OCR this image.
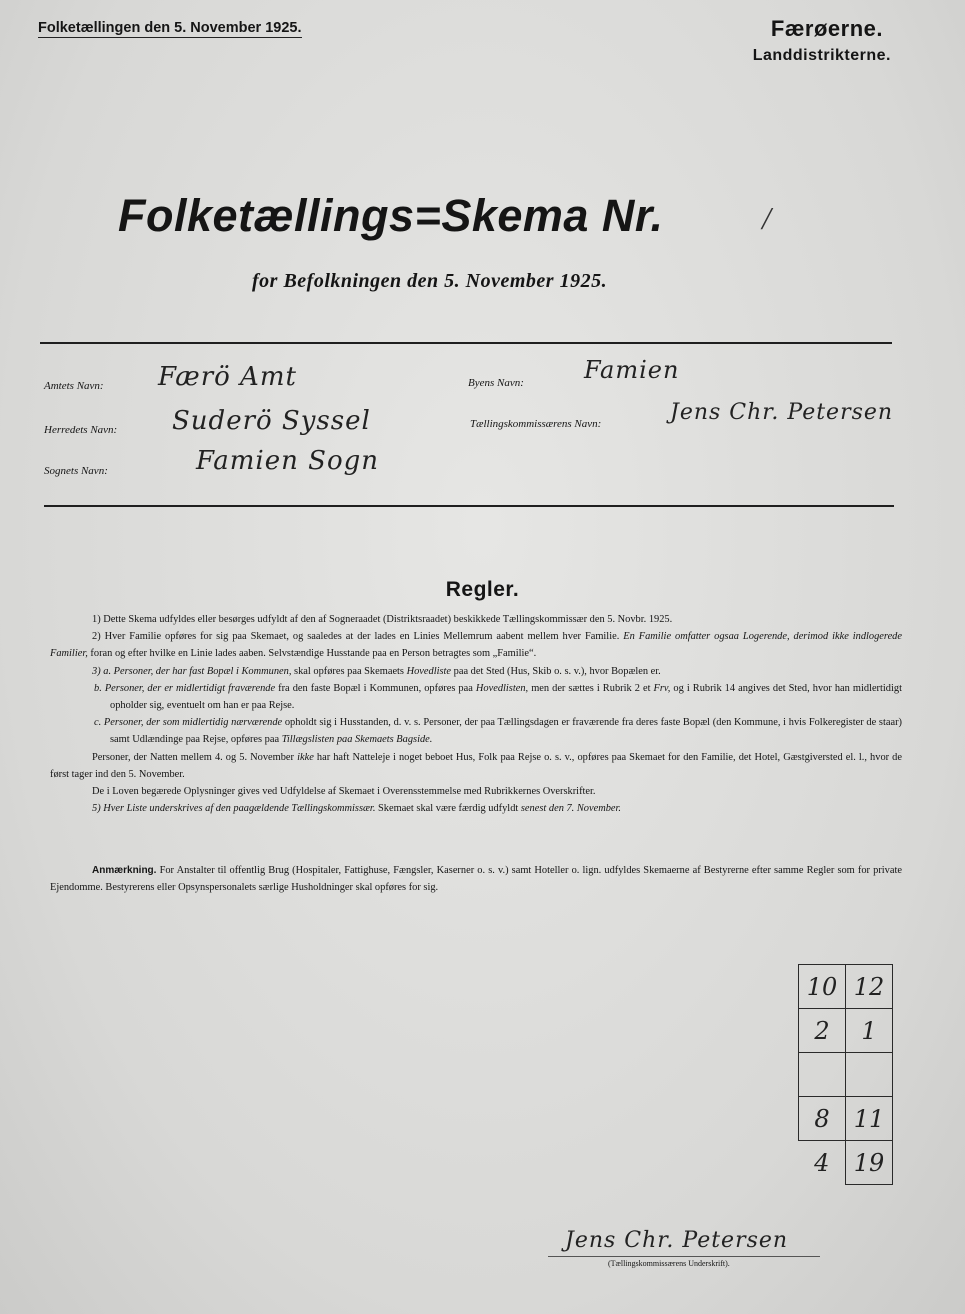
Folketællingen den 5. November 1925.	Færøerne.
Landdistrikterne.
Folketællings=Skema Nr.	/
for Befolkningen den 5. November 1925.
Amtets Navn: Færö Amt
Herredets Navn: Suderö Syssel
Sognets Navn:	Famien Sogn
Byens Navn:	Famien
Tællingskommissærens Navn:	Jens Chr. Petersen
Regler.

1) Dette Skema udfyldes eller besørges udfyldt af den af Sogneraadet (Distriktsraadet) beskikkede Tællingskommissær den 5. Novbr. 1925.

2) Hver Familie opføres for sig paa Skemaet, og saaledes at der lades en Linies Mellemrum aabent mellem hver Familie. En Familie omfatter ogsaa Logerende, derimod ikke indlogerede Familier, foran og efter hvilke en Linie lades aaben. Selvstændige Husstande paa en Person betragtes som „Familie“.

3) a. Personer, der har fast Bopæl i Kommunen, skal opføres paa Skemaets Hovedliste paa det Sted (Hus, Skib o. s. v.), hvor Bopælen er.

b. Personer, der er midlertidigt fraværende fra den faste Bopæl i Kommunen, opføres paa Hovedlisten, men der sættes i Rubrik 2 et Frv, og i Rubrik 14 angives det Sted, hvor han midlertidigt opholder sig, eventuelt om han er paa Rejse.

c. Personer, der som midlertidig nærværende opholdt sig i Husstanden, d. v. s. Personer, der paa Tællingsdagen er fraværende fra deres faste Bopæl (den Kommune, i hvis Folkeregister de staar) samt Udlændinge paa Rejse, opføres paa Tillægslisten paa Skemaets Bagside.

Personer, der Natten mellem 4. og 5. November ikke har haft Natteleje i noget beboet Hus, Folk paa Rejse o. s. v., opføres paa Skemaet for den Familie, det Hotel, Gæstgiversted el. l., hvor de først tager ind den 5. November.

De i Loven begærede Oplysninger gives ved Udfyldelse af Skemaet i Overensstemmelse med Rubrikkernes Overskrifter.

5) Hver Liste underskrives af den paagældende Tællingskommissær. Skemaet skal være færdig udfyldt senest den 7. November.

Anmærkning. For Anstalter til offentlig Brug (Hospitaler, Fattighuse, Fængsler, Kaserner o. s. v.) samt Hoteller o. lign. udfyldes Skemaerne af Bestyrerne efter samme Regler som for private Ejendomme. Bestyrerens eller Opsynspersonalets særlige Husholdninger skal opføres for sig.
10	12
2	1

8	11
4	19
Jens Chr. Petersen
(Tællingskommissærens Underskrift).
